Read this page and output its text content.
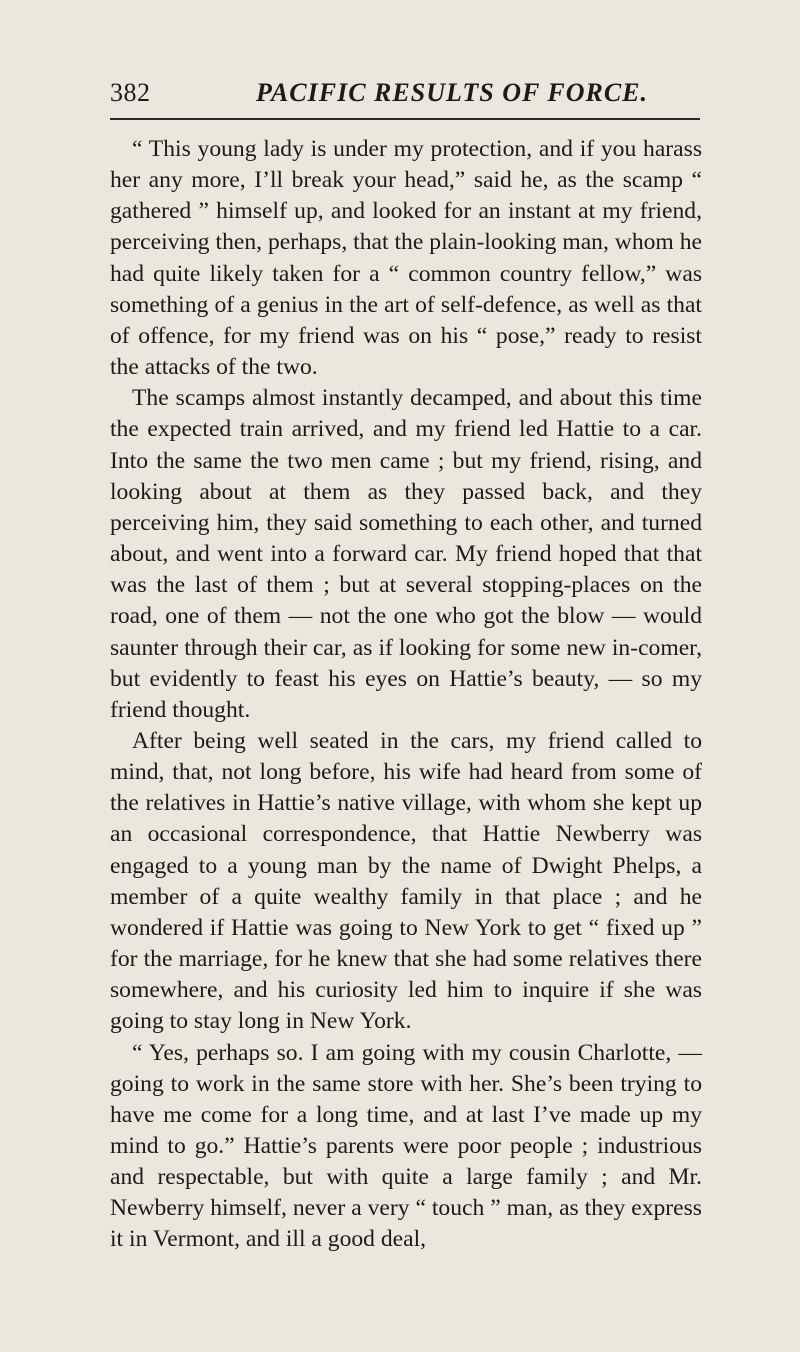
382	PACIFIC RESULTS OF FORCE.

“ This young lady is under my protection, and if you harass her any more, I’ll break your head,” said he, as the scamp “ gathered ” himself up, and looked for an instant at my friend, perceiving then, perhaps, that the plain-looking man, whom he had quite likely taken for a “ common country fellow,” was something of a genius in the art of self-defence, as well as that of offence, for my friend was on his “ pose,” ready to resist the attacks of the two.

The scamps almost instantly decamped, and about this time the expected train arrived, and my friend led Hattie to a car. Into the same the two men came ; but my friend, rising, and looking about at them as they passed back, and they perceiving him, they said something to each other, and turned about, and went into a forward car. My friend hoped that that was the last of them ; but at several stopping-places on the road, one of them — not the one who got the blow — would saunter through their car, as if looking for some new in-comer, but evidently to feast his eyes on Hattie’s beauty, — so my friend thought.

After being well seated in the cars, my friend called to mind, that, not long before, his wife had heard from some of the relatives in Hattie’s native village, with whom she kept up an occasional correspondence, that Hattie Newberry was engaged to a young man by the name of Dwight Phelps, a member of a quite wealthy family in that place ; and he wondered if Hattie was going to New York to get “ fixed up ” for the marriage, for he knew that she had some relatives there somewhere, and his curiosity led him to inquire if she was going to stay long in New York.

“ Yes, perhaps so. I am going with my cousin Charlotte, — going to work in the same store with her. She’s been trying to have me come for a long time, and at last I’ve made up my mind to go.” Hattie’s parents were poor people ; industrious and respectable, but with quite a large family ; and Mr. Newberry himself, never a very “ touch ” man, as they express it in Vermont, and ill a good deal,
